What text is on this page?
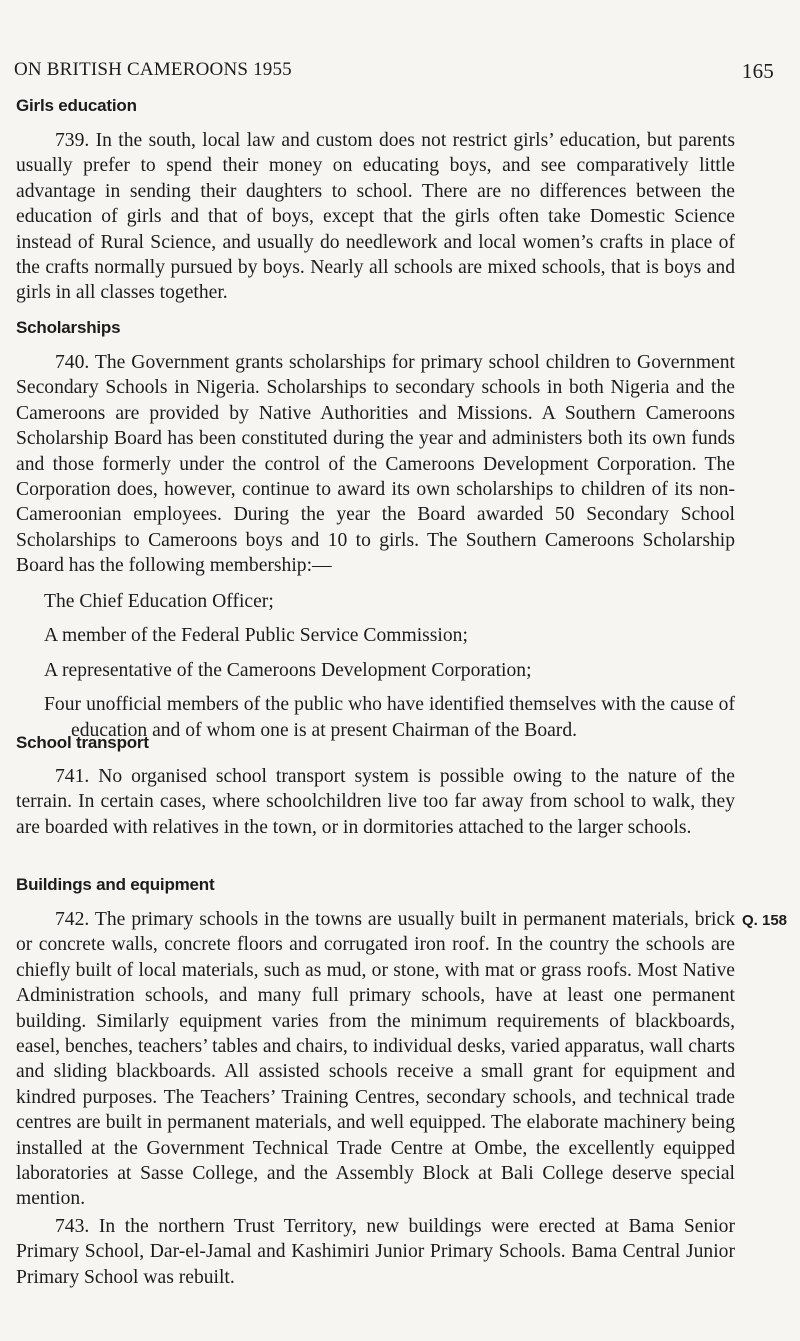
ON BRITISH CAMEROONS 1955	165
Girls education

739. In the south, local law and custom does not restrict girls’ education, but parents usually prefer to spend their money on educating boys, and see comparatively little advantage in sending their daughters to school. There are no differences between the education of girls and that of boys, except that the girls often take Domestic Science instead of Rural Science, and usually do needlework and local women’s crafts in place of the crafts normally pursued by boys. Nearly all schools are mixed schools, that is boys and girls in all classes together.

Scholarships

740. The Government grants scholarships for primary school children to Government Secondary Schools in Nigeria. Scholarships to secondary schools in both Nigeria and the Cameroons are provided by Native Authorities and Missions. A Southern Cameroons Scholarship Board has been constituted during the year and administers both its own funds and those formerly under the control of the Cameroons Development Corporation. The Corporation does, however, continue to award its own scholarships to children of its non-Cameroonian employees. During the year the Board awarded 50 Secondary School Scholarships to Cameroons boys and 10 to girls. The Southern Cameroons Scholarship Board has the following membership:—

The Chief Education Officer;
A member of the Federal Public Service Commission;
A representative of the Cameroons Development Corporation;
Four unofficial members of the public who have identified themselves with the cause of education and of whom one is at present Chairman of the Board.
School transport

741. No organised school transport system is possible owing to the nature of the terrain. In certain cases, where schoolchildren live too far away from school to walk, they are boarded with relatives in the town, or in dormitories attached to the larger schools.

Buildings and equipment
Q. 158

742. The primary schools in the towns are usually built in permanent materials, brick or concrete walls, concrete floors and corrugated iron roof. In the country the schools are chiefly built of local materials, such as mud, or stone, with mat or grass roofs. Most Native Administration schools, and many full primary schools, have at least one permanent building. Similarly equipment varies from the minimum requirements of blackboards, easel, benches, teachers’ tables and chairs, to individual desks, varied apparatus, wall charts and sliding blackboards. All assisted schools receive a small grant for equipment and kindred purposes. The Teachers’ Training Centres, secondary schools, and technical trade centres are built in permanent materials, and well equipped. The elaborate machinery being installed at the Government Technical Trade Centre at Ombe, the excellently equipped laboratories at Sasse College, and the Assembly Block at Bali College deserve special mention.

743. In the northern Trust Territory, new buildings were erected at Bama Senior Primary School, Dar-el-Jamal and Kashimiri Junior Primary Schools. Bama Central Junior Primary School was rebuilt.
